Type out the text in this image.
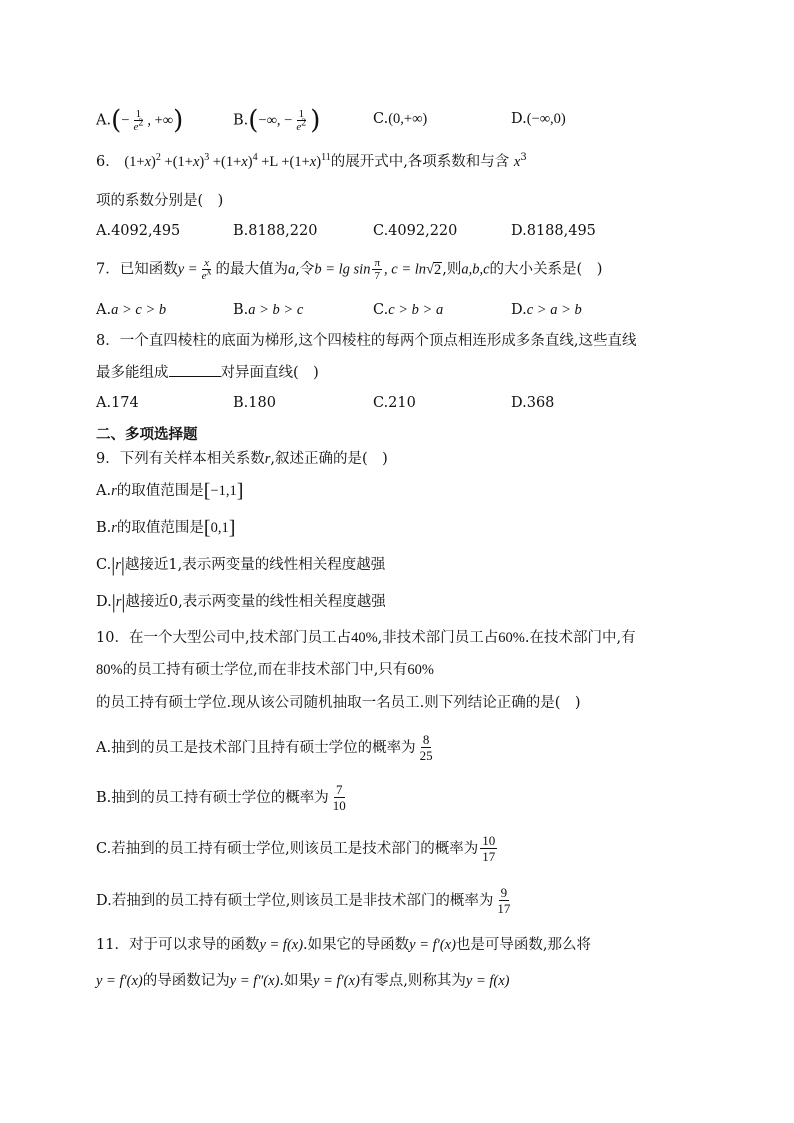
$A.(- \frac{1}{e^2}$ , +∞)	B.(−∞, − $\frac{1}{e^2}$ )	C.(0,+∞)	D.(−∞,0)
6． $(1+x)^2 +(1+x)^3 +(1+x)^4 +L +(1+x)^{11}$的展开式中,各项系数和与含 $x^3$
项的系数分别是(　)
A.4092,495	B.8188,220	C.4092,220	D.8188,495
7．已知函数$y = \frac{x}{e^x}$ 的最大值为a,令$b = \lg \sin \frac{\pi}{7}$ , c = ln√2,则a,b,c的大小关系是(　)
A.a > c > b	B.a > b > c	C.c > b > a	D.c > a > b
8．一个直四棱柱的底面为梯形,这个四棱柱的每两个顶点相连形成多条直线,这些直线
最多能组成	对异面直线(　)
A.174	B.180	C.210	D.368
二、多项选择题
9．下列有关样本相关系数r,叙述正确的是(　)
A.r的取值范围是[−1,1]
B.r的取值范围是[0,1]
C.|r|越接近1,表示两变量的线性相关程度越强
D.|r|越接近0,表示两变量的线性相关程度越强
10．在一个大型公司中,技术部门员工占40%,非技术部门员工占60%.在技术部门中,有
80%的员工持有硕士学位,而在非技术部门中,只有60%
的员工持有硕士学位.现从该公司随机抽取一名员工.则下列结论正确的是(　)
A.抽到的员工是技术部门且持有硕士学位的概率为 $\frac{8}{25}$
B.抽到的员工持有硕士学位的概率为 $\frac{7}{10}$
C.若抽到的员工持有硕士学位,则该员工是技术部门的概率为 $\frac{10}{17}$
D.若抽到的员工持有硕士学位,则该员工是非技术部门的概率为 $\frac{9}{17}$
11．对于可以求导的函数y = f(x).如果它的导函数y = f′(x)也是可导函数,那么将
y = f′(x)的导函数记为y = f″(x).如果y = f′(x)有零点,则称其为y = f(x)
